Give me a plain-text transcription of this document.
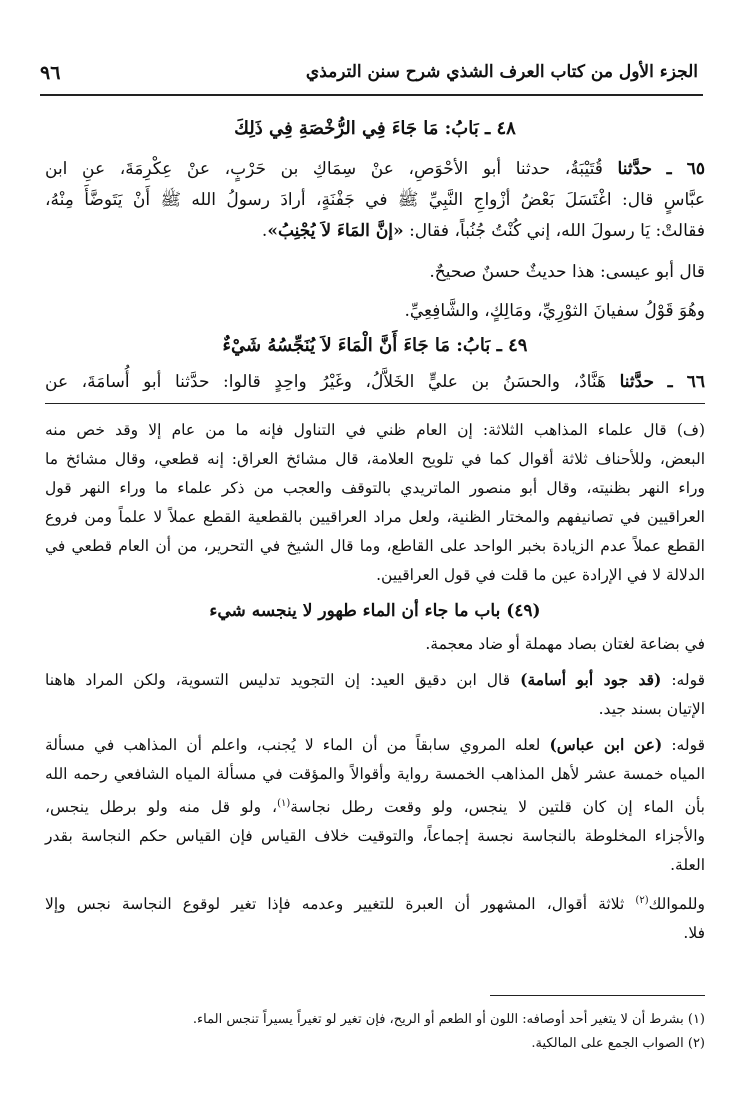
الجزء الأول من كتاب العرف الشذي شرح سنن الترمذي
٩٦
٤٨ ـ بَابُ: مَا جَاءَ فِي الرُّخْصَةِ فِي ذَلِكَ
٦٥ ـ حدَّثنا قُتَيْبَةُ، حدثنا أبو الأحْوَصِ، عنْ سِمَاكِ بن حَرْبٍ، عنْ عِكْرِمَةَ، عنِ ابن
عبَّاسٍ قال: اغْتَسَلَ بَعْضُ أزْواجِ النَّبِيِّ ﷺ في جَفْنَةٍ، أرادَ رسولُ الله ﷺ أَنْ يَتَوضَّأَ مِنْهُ،
فقالتْ: يَا رسولَ الله، إني كُنْتُ جُنُباً، فقال: «إنَّ المَاءَ لاَ يُجْنِبُ».
قال أبو عيسى: هذا حديثٌ حسنٌ صحيحٌ.
وهُوَ قَوْلُ سفيانَ الثوْرِيِّ، ومَالِكٍ، والشَّافِعِيِّ.
٤٩ ـ بَابُ: مَا جَاءَ أَنَّ الْمَاءَ لاَ يُنَجِّسُهُ شَيْءٌ
٦٦ ـ حدَّثنا هَنَّادٌ، والحسَنُ بن عليٍّ الخَلاَّلُ، وغَيْرُ واحِدٍ قالوا: حدَّثنا أبو أُسامَةَ، عن
(ف) قال علماء المذاهب الثلاثة: إن العام ظني في التناول فإنه ما من عام إلا وقد خص منه
البعض، وللأحناف ثلاثة أقوال كما في تلويح العلامة، قال مشائخ العراق: إنه قطعي، وقال مشائخ ما
وراء النهر بظنيته، وقال أبو منصور الماتريدي بالتوقف والعجب من ذكر علماء ما وراء النهر قول
العراقيين في تصانيفهم والمختار الظنية، ولعل مراد العراقيين بالقطعية القطع عملاً لا علماً ومن فروع
القطع عملاً عدم الزيادة بخبر الواحد على القاطع، وما قال الشيخ في التحرير، من أن العام قطعي في
الدلالة لا في الإرادة عين ما قلت في قول العراقيين.
(٤٩) باب ما جاء أن الماء طهور لا ينجسه شيء
في بضاعة لغتان بصاد مهملة أو ضاد معجمة.
قوله: (قد جود أبو أسامة) قال ابن دقيق العيد: إن التجويد تدليس التسوية، ولكن المراد هاهنا
الإتيان بسند جيد.
قوله: (عن ابن عباس) لعله المروي سابقاً من أن الماء لا يُجنب، واعلم أن المذاهب في مسألة
المياه خمسة عشر لأهل المذاهب الخمسة رواية وأقوالاً والمؤقت في مسألة المياه الشافعي رحمه الله
بأن الماء إن كان قلتين لا ينجس، ولو وقعت رطل نجاسة$^{(١)}$، ولو قل منه ولو برطل ينجس،
والأجزاء المخلوطة بالنجاسة نجسة إجماعاً، والتوقيت خلاف القياس فإن القياس حكم النجاسة بقدر
العلة.
وللموالك$^{(٢)}$ ثلاثة أقوال، المشهور أن العبرة للتغيير وعدمه فإذا تغير لوقوع النجاسة نجس وإلا
فلا.
(١) بشرط أن لا يتغير أحد أوصافه: اللون أو الطعم أو الريح، فإن تغير لو تغيراً يسيراً تنجس الماء.
(٢) الصواب الجمع على المالكية.
